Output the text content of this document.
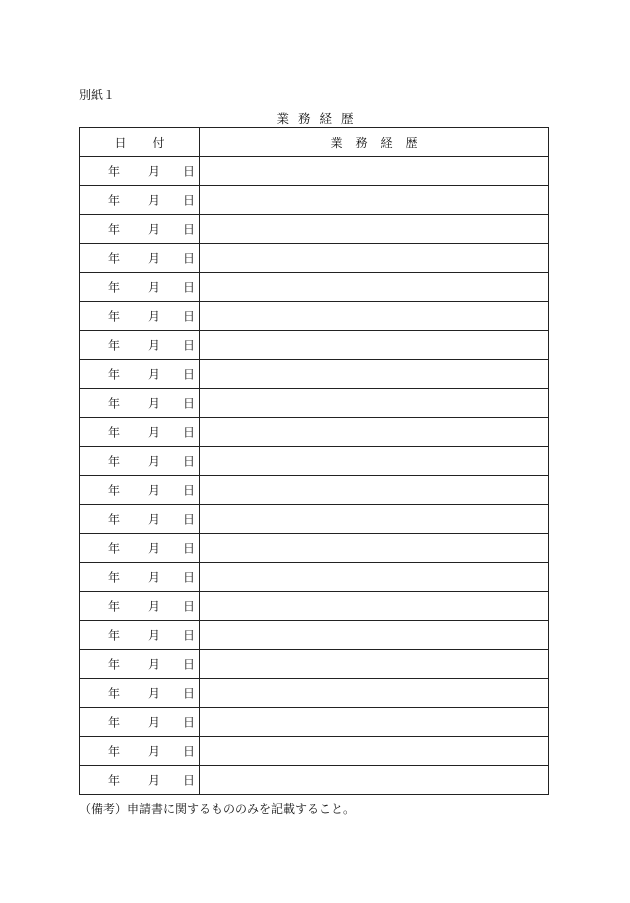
別紙１
業務経歴
日付	業務経歴

年 月 日	

年 月 日	

年 月 日	

年 月 日	

年 月 日	

年 月 日	

年 月 日	

年 月 日	

年 月 日	

年 月 日	

年 月 日	

年 月 日	

年 月 日	

年 月 日	

年 月 日	

年 月 日	

年 月 日	

年 月 日	

年 月 日	

年 月 日	

年 月 日	

年 月 日	

（備考）申請書に関するもののみを記載すること。
